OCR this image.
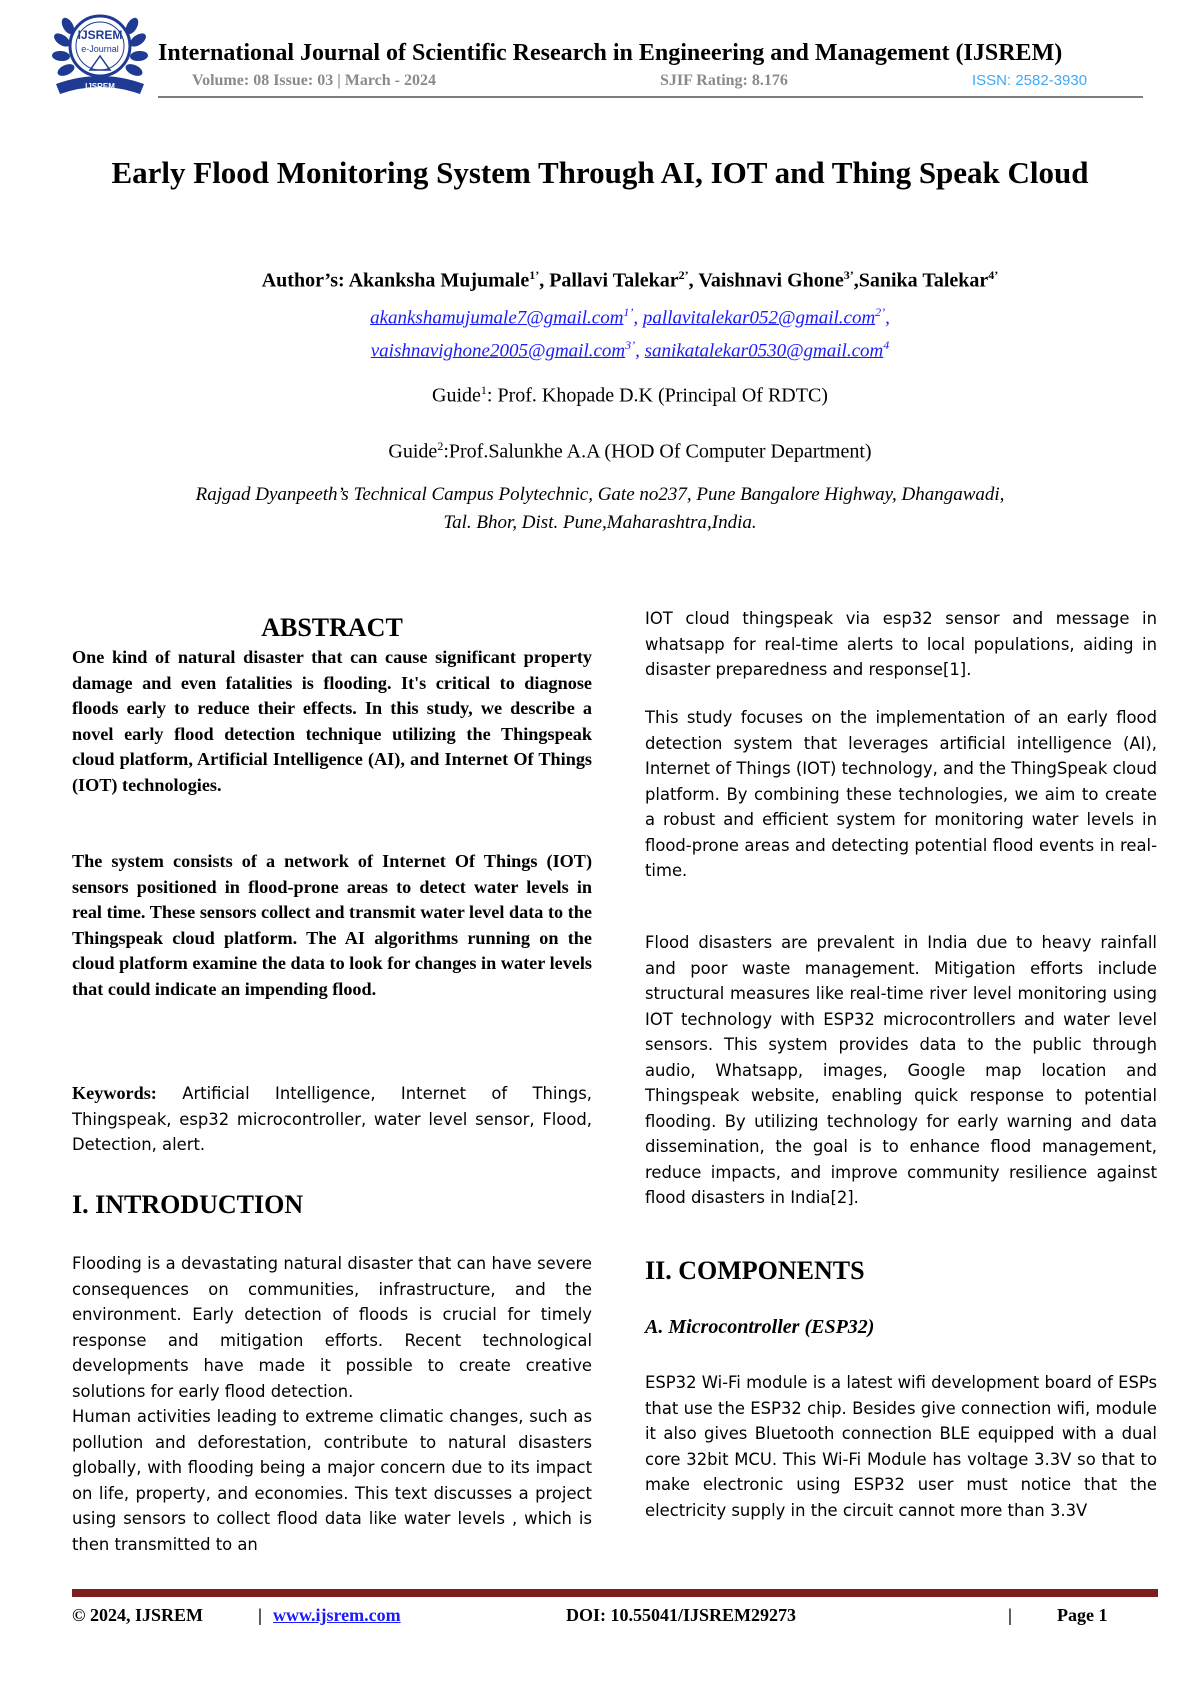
IJSREM
e-Journal
IJSREM
International Journal of Scientific Research in Engineering and Management (IJSREM)
Volume: 08 Issue: 03 | March - 2024	SJIF Rating: 8.176	ISSN: 2582-3930
Early Flood Monitoring System Through AI, IOT and Thing Speak Cloud
Author’s: Akanksha Mujumale$^{1’}$, Pallavi Talekar$^{2’}$, Vaishnavi Ghone$^{3’}$,Sanika Talekar$^{4’}$
akankshamujumale7@gmail.com$^{1’}$, pallavitalekar052@gmail.com$^{2’}$,
vaishnavighone2005@gmail.com$^{3’}$, sanikatalekar0530@gmail.com$^4$
Guide$^1$: Prof. Khopade D.K (Principal Of RDTC)
Guide$^2$:Prof.Salunkhe A.A (HOD Of Computer Department)
Rajgad Dyanpeeth’s Technical Campus Polytechnic, Gate no237, Pune Bangalore Highway, Dhangawadi,
Tal. Bhor, Dist. Pune,Maharashtra,India.
ABSTRACT

One kind of natural disaster that can cause significant property damage and even fatalities is flooding. It's critical to diagnose floods early to reduce their effects. In this study, we describe a novel early flood detection technique utilizing the Thingspeak cloud platform, Artificial Intelligence (AI), and Internet Of Things (IOT) technologies.

The system consists of a network of Internet Of Things (IOT) sensors positioned in flood-prone areas to detect water levels in real time. These sensors collect and transmit water level data to the Thingspeak cloud platform. The AI algorithms running on the cloud platform examine the data to look for changes in water levels that could indicate an impending flood.

Keywords: Artificial Intelligence, Internet of Things, Thingspeak, esp32 microcontroller, water level sensor, Flood, Detection, alert.

I. INTRODUCTION

Flooding is a devastating natural disaster that can have severe consequences on communities, infrastructure, and the environment. Early detection of floods is crucial for timely response and mitigation efforts. Recent technological developments have made it possible to create creative solutions for early flood detection.

Human activities leading to extreme climatic changes, such as pollution and deforestation, contribute to natural disasters globally, with flooding being a major concern due to its impact on life, property, and economies. This text discusses a project using sensors to collect flood data like water levels , which is then transmitted to an

IOT cloud thingspeak via esp32 sensor and message in whatsapp for real-time alerts to local populations, aiding in disaster preparedness and response[1].

This study focuses on the implementation of an early flood detection system that leverages artificial intelligence (AI), Internet of Things (IOT) technology, and the ThingSpeak cloud platform. By combining these technologies, we aim to create a robust and efficient system for monitoring water levels in flood-prone areas and detecting potential flood events in real-time.

Flood disasters are prevalent in India due to heavy rainfall and poor waste management. Mitigation efforts include structural measures like real-time river level monitoring using IOT technology with ESP32 microcontrollers and water level sensors. This system provides data to the public through audio, Whatsapp, images, Google map location and Thingspeak website, enabling quick response to potential flooding. By utilizing technology for early warning and data dissemination, the goal is to enhance flood management, reduce impacts, and improve community resilience against flood disasters in India[2].

II. COMPONENTS
A. Microcontroller (ESP32)

ESP32 Wi-Fi module is a latest wifi development board of ESPs that use the ESP32 chip. Besides give connection wifi, module it also gives Bluetooth connection BLE equipped with a dual core 32bit MCU. This Wi-Fi Module has voltage 3.3V so that to make electronic using ESP32 user must notice that the electricity supply in the circuit cannot more than 3.3V

© 2024, IJSREM	| www.ijsrem.com	DOI: 10.55041/IJSREM29273	|	Page 1
